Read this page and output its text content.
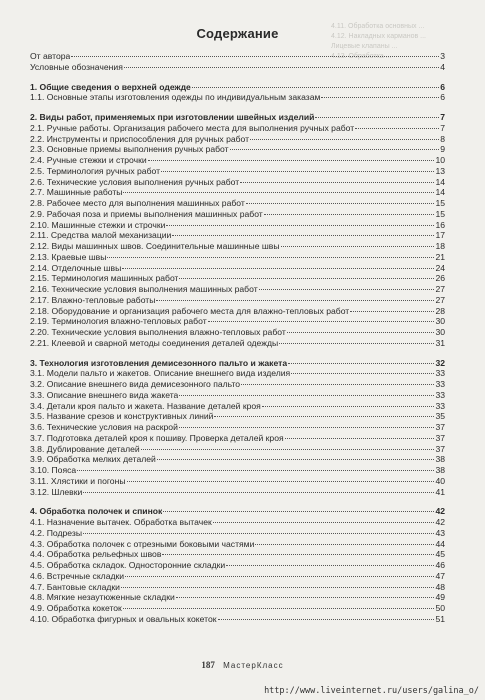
4.11. Обработка основных ...
4.12. Накладных карманов ...
Лицевые клапаны ...
4.13. Обработка ...
Содержание
От автора	3
Условные обозначения	4
1. Общие сведения о верхней одежде	6
1.1. Основные этапы изготовления одежды по индивидуальным заказам	6
2. Виды работ, применяемых при изготовлении швейных изделий	7
2.1. Ручные работы. Организация рабочего места для выполнения ручных работ	7
2.2. Инструменты и приспособления для ручных работ	8
2.3. Основные приемы выполнения ручных работ	9
2.4. Ручные стежки и строчки	10
2.5. Терминология ручных работ	13
2.6. Технические условия выполнения ручных работ	14
2.7. Машинные работы	14
2.8. Рабочее место для выполнения машинных работ	15
2.9. Рабочая поза и приемы выполнения машинных работ	15
2.10. Машинные стежки и строчки	16
2.11. Средства малой механизации	17
2.12. Виды машинных швов. Соединительные машинные швы	18
2.13. Краевые швы	21
2.14. Отделочные швы	24
2.15. Терминология машинных работ	26
2.16. Технические условия выполнения машинных работ	27
2.17. Влажно-тепловые работы	27
2.18. Оборудование и организация рабочего места для влажно-тепловых работ	28
2.19. Терминология влажно-тепловых работ	30
2.20. Технические условия выполнения влажно-тепловых работ	30
2.21. Клеевой и сварной методы соединения деталей одежды	31
3. Технология изготовления демисезонного пальто и жакета	32
3.1. Модели пальто и жакетов. Описание внешнего вида изделия	33
3.2. Описание внешнего вида демисезонного пальто	33
3.3. Описание внешнего вида жакета	33
3.4. Детали кроя пальто и жакета. Название деталей кроя	33
3.5. Название срезов и конструктивных линий	35
3.6. Технические условия на раскрой	37
3.7. Подготовка деталей кроя к пошиву. Проверка деталей кроя	37
3.8. Дублирование деталей	37
3.9. Обработка мелких деталей	38
3.10. Пояса	38
3.11. Хлястики и погоны	40
3.12. Шлевки	41
4. Обработка полочек и спинок	42
4.1. Назначение вытачек. Обработка вытачек	42
4.2. Подрезы	43
4.3. Обработка полочек с отрезными боковыми частями	44
4.4. Обработка рельефных швов	45
4.5. Обработка складок. Односторонние складки	46
4.6. Встречные складки	47
4.7. Бантовые складки	48
4.8. Мягкие незаутюженные складки	49
4.9. Обработка кокеток	50
4.10. Обработка фигурных и овальных кокеток	51
187 МастерКласс
http://www.liveinternet.ru/users/galina_o/
